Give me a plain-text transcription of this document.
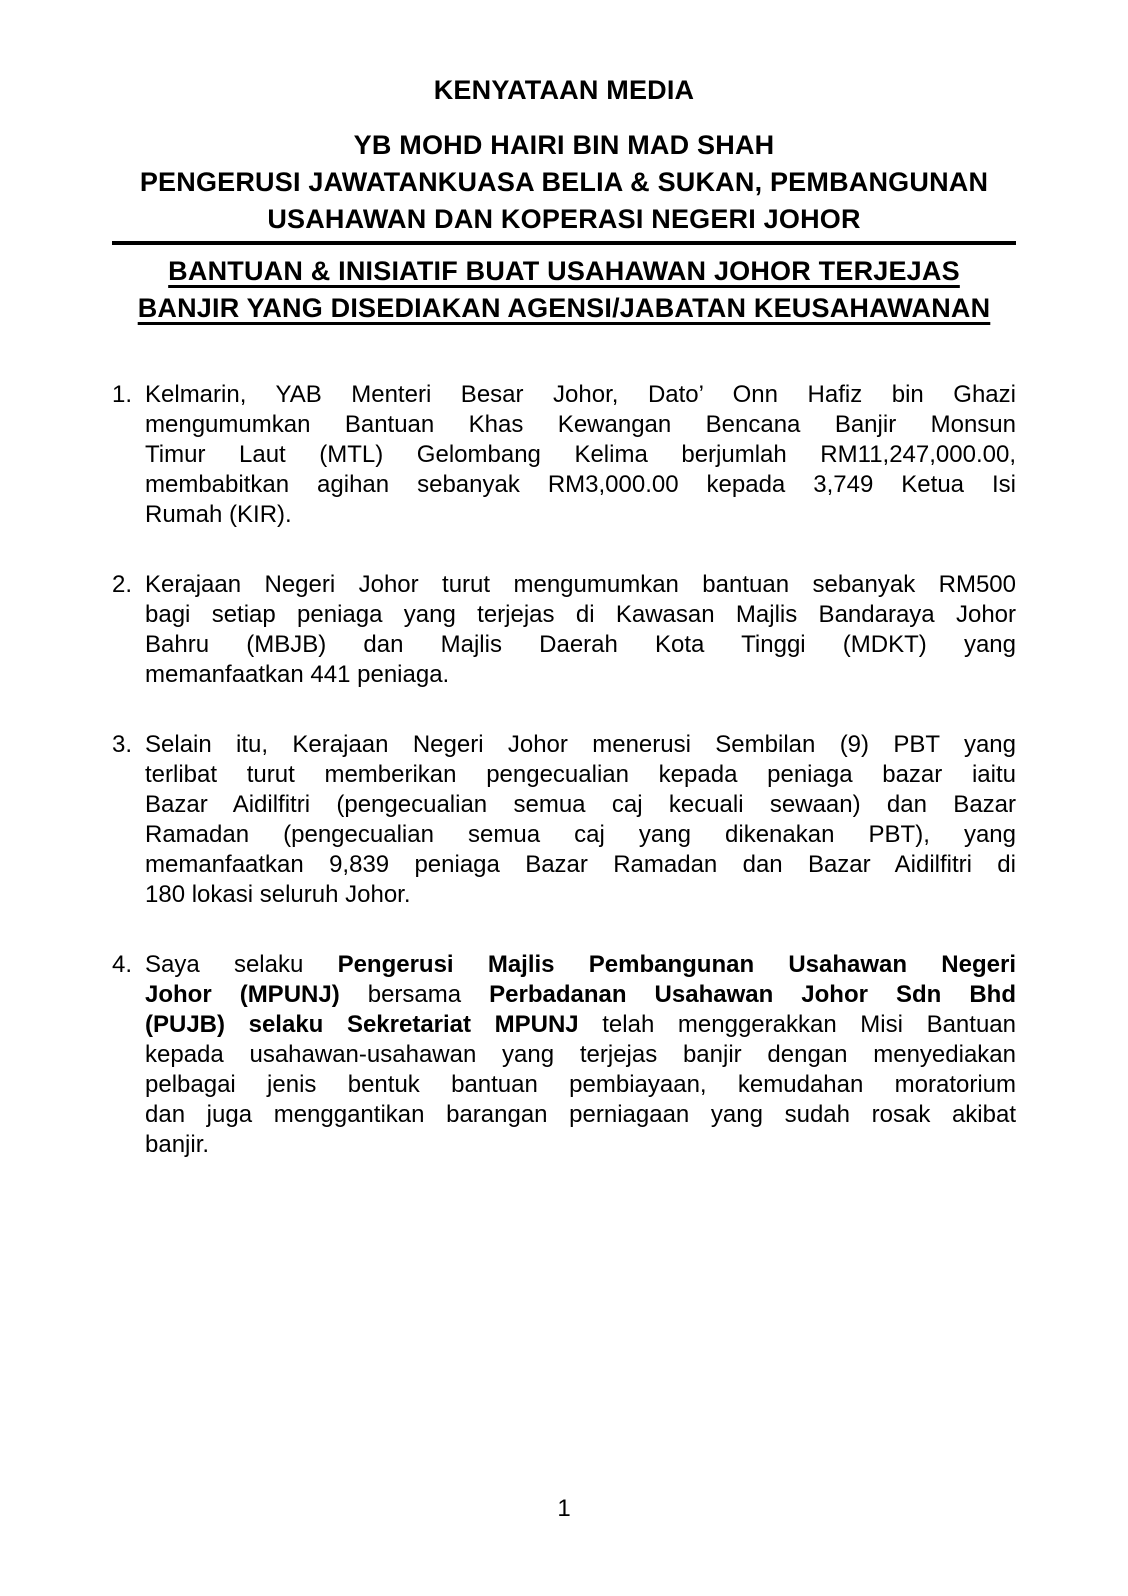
KENYATAAN MEDIA
YB MOHD HAIRI BIN MAD SHAH
PENGERUSI JAWATANKUASA BELIA & SUKAN, PEMBANGUNAN
USAHAWAN DAN KOPERASI NEGERI JOHOR
BANTUAN & INISIATIF BUAT USAHAWAN JOHOR TERJEJAS
BANJIR YANG DISEDIAKAN AGENSI/JABATAN KEUSAHAWANAN
1. Kelmarin, YAB Menteri Besar Johor, Dato’ Onn Hafiz bin Ghazi
mengumumkan Bantuan Khas Kewangan Bencana Banjir Monsun
Timur Laut (MTL) Gelombang Kelima berjumlah RM11,247,000.00,
membabitkan agihan sebanyak RM3,000.00 kepada 3,749 Ketua Isi
Rumah (KIR).
2. Kerajaan Negeri Johor turut mengumumkan bantuan sebanyak RM500
bagi setiap peniaga yang terjejas di Kawasan Majlis Bandaraya Johor
Bahru (MBJB) dan Majlis Daerah Kota Tinggi (MDKT) yang
memanfaatkan 441 peniaga.
3. Selain itu, Kerajaan Negeri Johor menerusi Sembilan (9) PBT yang
terlibat turut memberikan pengecualian kepada peniaga bazar iaitu
Bazar Aidilfitri (pengecualian semua caj kecuali sewaan) dan Bazar
Ramadan (pengecualian semua caj yang dikenakan PBT), yang
memanfaatkan 9,839 peniaga Bazar Ramadan dan Bazar Aidilfitri di
180 lokasi seluruh Johor.
4. Saya selaku Pengerusi Majlis Pembangunan Usahawan Negeri
Johor (MPUNJ) bersama Perbadanan Usahawan Johor Sdn Bhd
(PUJB) selaku Sekretariat MPUNJ telah menggerakkan Misi Bantuan
kepada usahawan-usahawan yang terjejas banjir dengan menyediakan
pelbagai jenis bentuk bantuan pembiayaan, kemudahan moratorium
dan juga menggantikan barangan perniagaan yang sudah rosak akibat
banjir.
1
